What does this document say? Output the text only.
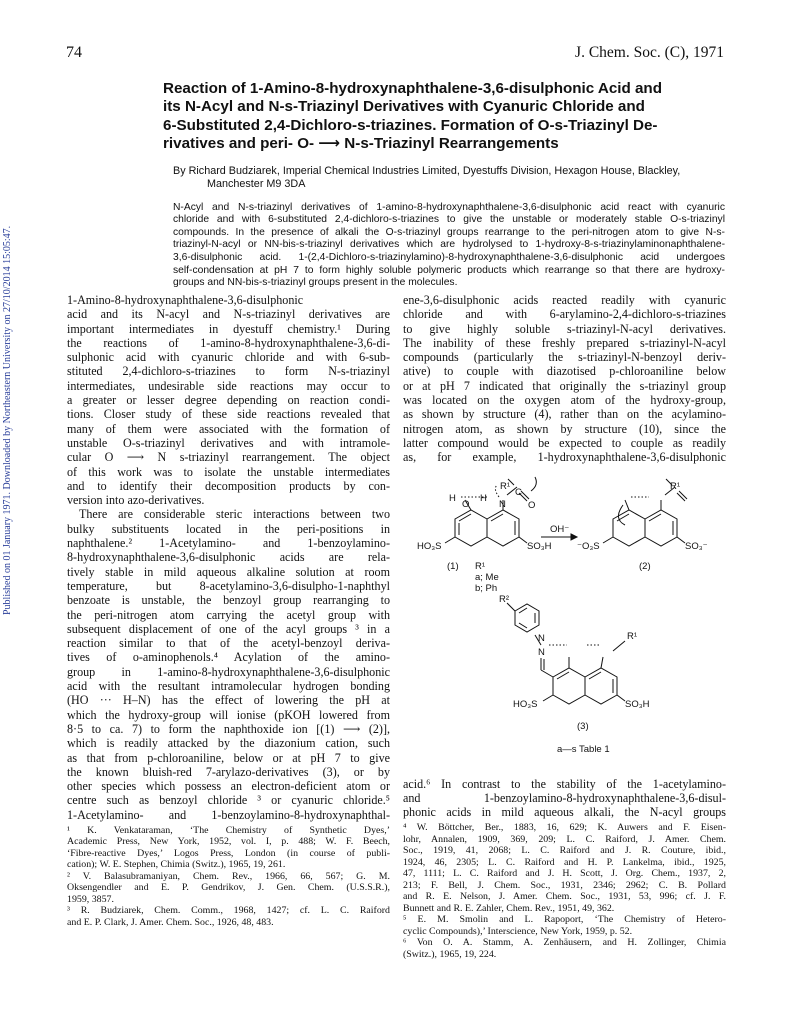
Published on 01 January 1971. Downloaded by Northeastern University on 27/10/2014 15:05:47.
74	J. Chem. Soc. (C), 1971
Reaction of 1-Amino-8-hydroxynaphthalene-3,6-disulphonic Acid and
its N-Acyl and N-s-Triazinyl Derivatives with Cyanuric Chloride and
6-Substituted 2,4-Dichloro-s-triazines. Formation of O-s-Triazinyl De-
rivatives and peri- O- ⟶ N-s-Triazinyl Rearrangements
By Richard Budziarek, Imperial Chemical Industries Limited, Dyestuffs Division, Hexagon House, Blackley,
Manchester M9 3DA
N-Acyl and N-s-triazinyl derivatives of 1-amino-8-hydroxynaphthalene-3,6-disulphonic acid react with cyanuric
chloride and with 6-substituted 2,4-dichloro-s-triazines to give the unstable or moderately stable O-s-triazinyl
compounds. In the presence of alkali the O-s-triazinyl groups rearrange to the peri-nitrogen atom to give N-s-
triazinyl-N-acyl or NN-bis-s-triazinyl derivatives which are hydrolysed to 1-hydroxy-8-s-triazinylaminonaphthalene-
3,6-disulphonic acid. 1-(2,4-Dichloro-s-triazinylamino)-8-hydroxynaphthalene-3,6-disulphonic acid undergoes
self-condensation at pH 7 to form highly soluble polymeric products which rearrange so that there are hydroxy-
groups and NN-bis-s-triazinyl groups present in the molecules.

1-Amino-8-hydroxynaphthalene-3,6-disulphonic
acid and its N-acyl and N-s-triazinyl derivatives are
important intermediates in dyestuff chemistry.¹ During
the reactions of 1-amino-8-hydroxynaphthalene-3,6-di-
sulphonic acid with cyanuric chloride and with 6-sub-
stituted 2,4-dichloro-s-triazines to form N-s-triazinyl
intermediates, undesirable side reactions may occur to
a greater or lesser degree depending on reaction condi-
tions. Closer study of these side reactions revealed that
many of them were associated with the formation of
unstable O-s-triazinyl derivatives and with intramole-
cular O ⟶ N s-triazinyl rearrangement. The object
of this work was to isolate the unstable intermediates
and to identify their decomposition products by con-
version into azo-derivatives.

There are considerable steric interactions between two
bulky substituents located in the peri-positions in
naphthalene.² 1-Acetylamino- and 1-benzoylamino-
8-hydroxynaphthalene-3,6-disulphonic acids are rela-
tively stable in mild aqueous alkaline solution at room
temperature, but 8-acetylamino-3,6-disulpho-1-naphthyl
benzoate is unstable, the benzoyl group rearranging to
the peri-nitrogen atom carrying the acetyl group with
subsequent displacement of one of the acyl groups ³ in a
reaction similar to that of the acetyl-benzoyl deriva-
tives of o-aminophenols.⁴ Acylation of the amino-
group in 1-amino-8-hydroxynaphthalene-3,6-disulphonic
acid with the resultant intramolecular hydrogen bonding
(HO ··· H–N) has the effect of lowering the pH at
which the hydroxy-group will ionise (pKOH lowered from
8·5 to ca. 7) to form the naphthoxide ion [(1) ⟶ (2)],
which is readily attacked by the diazonium cation, such
as that from p-chloroaniline, below or at pH 7 to give
the known bluish-red 7-arylazo-derivatives (3), or by
other species which possess an electron-deficient atom or
centre such as benzoyl chloride ³ or cyanuric chloride.⁵
1-Acetylamino- and 1-benzoylamino-8-hydroxynaphthal-

¹ K. Venkataraman, ‘The Chemistry of Synthetic Dyes,’
Academic Press, New York, 1952, vol. I, p. 488; W. F. Beech,
‘Fibre-reactive Dyes,’ Logos Press, London (in course of publi-
cation); W. E. Stephen, Chimia (Switz.), 1965, 19, 261.
² V. Balasubramaniyan, Chem. Rev., 1966, 66, 567; G. M.
Oksengendler and E. P. Gendrikov, J. Gen. Chem. (U.S.S.R.),
1959, 3857.
³ R. Budziarek, Chem. Comm., 1968, 1427; cf. L. C. Raiford
and E. P. Clark, J. Amer. Chem. Soc., 1926, 48, 483.

ene-3,6-disulphonic acids reacted readily with cyanuric
chloride and with 6-arylamino-2,4-dichloro-s-triazines
to give highly soluble s-triazinyl-N-acyl derivatives.
The inability of these freshly prepared s-triazinyl-N-acyl
compounds (particularly the s-triazinyl-N-benzoyl deriv-
ative) to couple with diazotised p-chloroaniline below
or at pH 7 indicated that originally the s-triazinyl group
was located on the oxygen atom of the hydroxy-group,
as shown by structure (4), rather than on the acylamino-
nitrogen atom, as shown by structure (10), since the
latter compound would be expected to couple as readily
as, for example, 1-hydroxynaphthalene-3,6-disulphonic

R¹	R¹
H	H
O	N
C
O
HO₃S	SO₃H
OH⁻
⁻O₃S	SO₃⁻
(1) R¹
a; Me
b; Ph
(2)
R²
R¹
N
N
HO₃S	SO₃H
(3)
a—s Table 1

acid.⁶ In contrast to the stability of the 1-acetylamino-
and 1-benzoylamino-8-hydroxynaphthalene-3,6-disul-
phonic acids in mild aqueous alkali, the N-acyl groups

⁴ W. Böttcher, Ber., 1883, 16, 629; K. Auwers and F. Eisen-
lohr, Annalen, 1909, 369, 209; L. C. Raiford, J. Amer. Chem.
Soc., 1919, 41, 2068; L. C. Raiford and J. R. Couture, ibid.,
1924, 46, 2305; L. C. Raiford and H. P. Lankelma, ibid., 1925,
47, 1111; L. C. Raiford and J. H. Scott, J. Org. Chem., 1937, 2,
213; F. Bell, J. Chem. Soc., 1931, 2346; 2962; C. B. Pollard
and R. E. Nelson, J. Amer. Chem. Soc., 1931, 53, 996; cf. J. F.
Bunnett and R. E. Zahler, Chem. Rev., 1951, 49, 362.
⁵ E. M. Smolin and L. Rapoport, ‘The Chemistry of Hetero-
cyclic Compounds),’ Interscience, New York, 1959, p. 52.
⁶ Von O. A. Stamm, A. Zenhäusern, and H. Zollinger, Chimia
(Switz.), 1965, 19, 224.
